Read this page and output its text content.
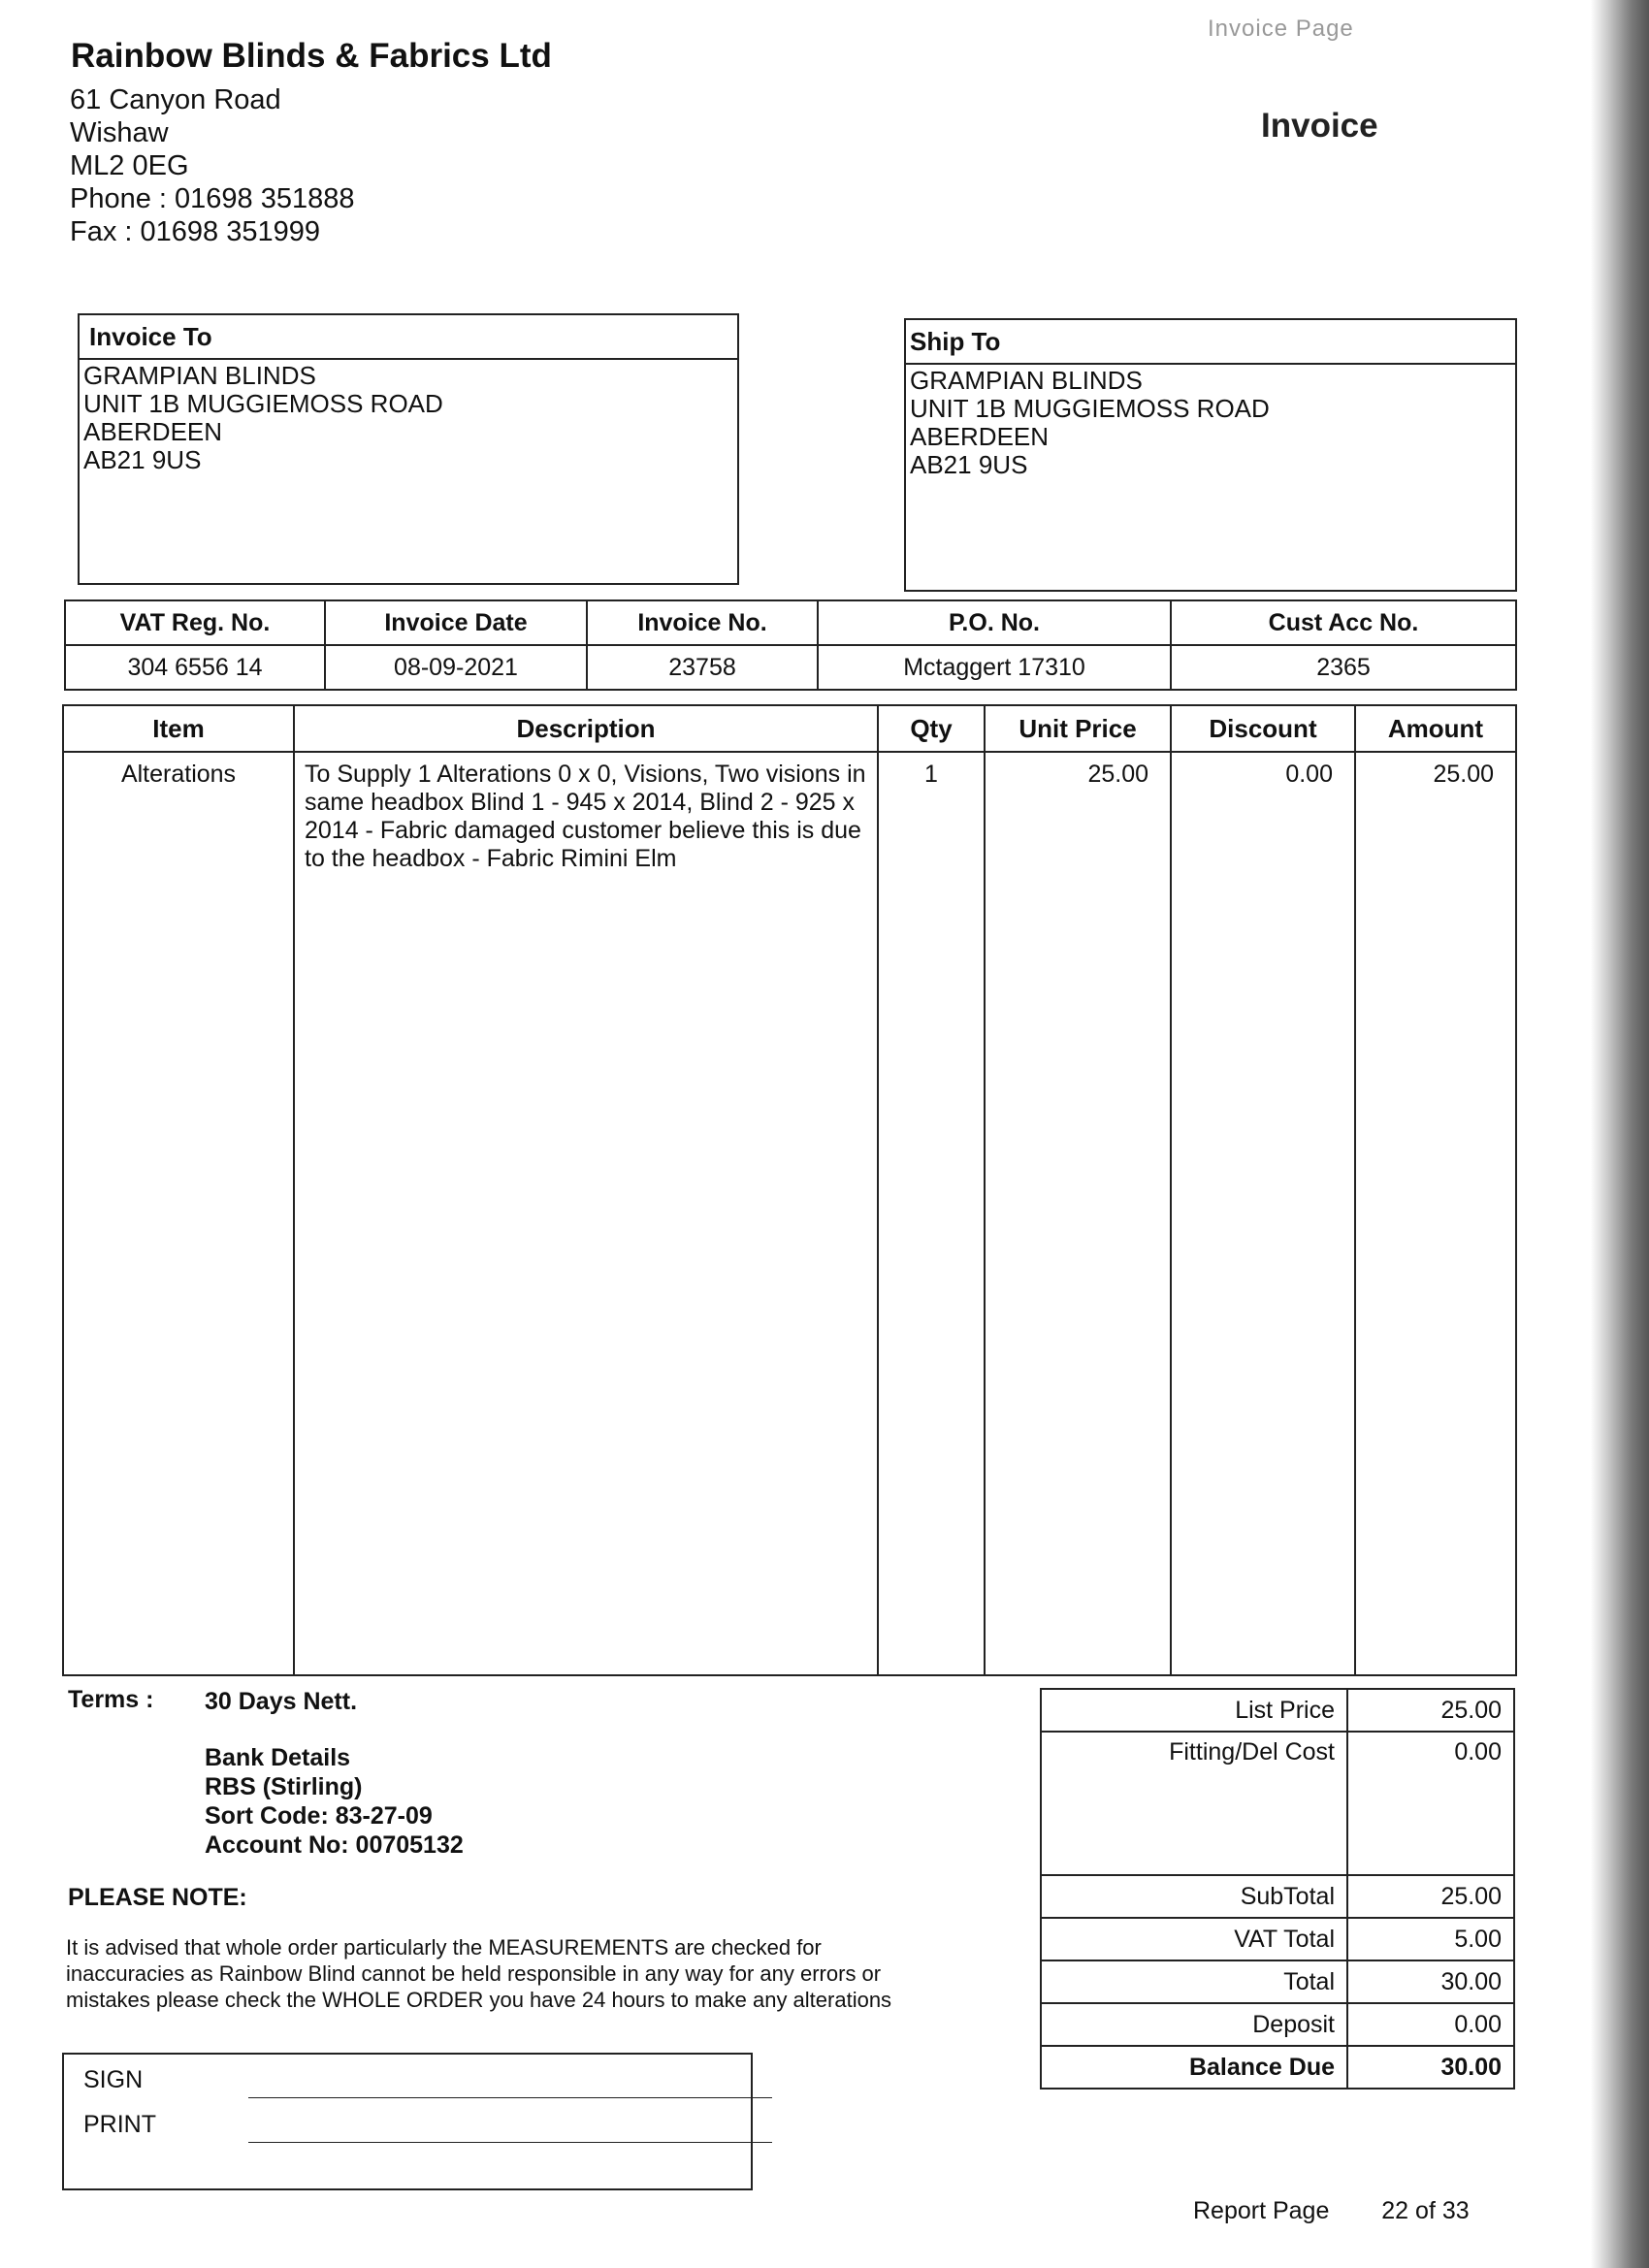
Rainbow Blinds & Fabrics Ltd
61 Canyon Road
Wishaw
ML2 0EG
Phone : 01698 351888
Fax : 01698 351999
Invoice Page
Invoice
Invoice To
GRAMPIAN BLINDS
UNIT 1B MUGGIEMOSS ROAD
ABERDEEN
AB21 9US
Ship To
GRAMPIAN BLINDS
UNIT 1B MUGGIEMOSS ROAD
ABERDEEN
AB21 9US
VAT Reg. No.	Invoice Date	Invoice No.	P.O. No.	Cust Acc No.
304 6556 14	08-09-2021	23758	Mctaggert 17310	2365
Item	Description	Qty	Unit Price	Discount	Amount
Alterations	To Supply 1 Alterations 0 x 0, Visions, Two visions in same headbox Blind 1 - 945 x 2014, Blind 2 - 925 x 2014 - Fabric damaged customer believe this is due to the headbox - Fabric Rimini Elm	1	25.00	0.00	25.00
Terms : 30 Days Nett.
Bank Details
RBS (Stirling)
Sort Code: 83-27-09
Account No: 00705132
PLEASE NOTE:
It is advised that whole order particularly the MEASUREMENTS are checked for
inaccuracies as Rainbow Blind cannot be held responsible in any way for any errors or
mistakes please check the WHOLE ORDER you have 24 hours to make any alterations
List Price	25.00
Fitting/Del Cost	0.00
SubTotal	25.00
VAT Total	5.00
Total	30.00
Deposit	0.00
Balance Due	30.00
SIGN
PRINT
Report Page 22 of 33
